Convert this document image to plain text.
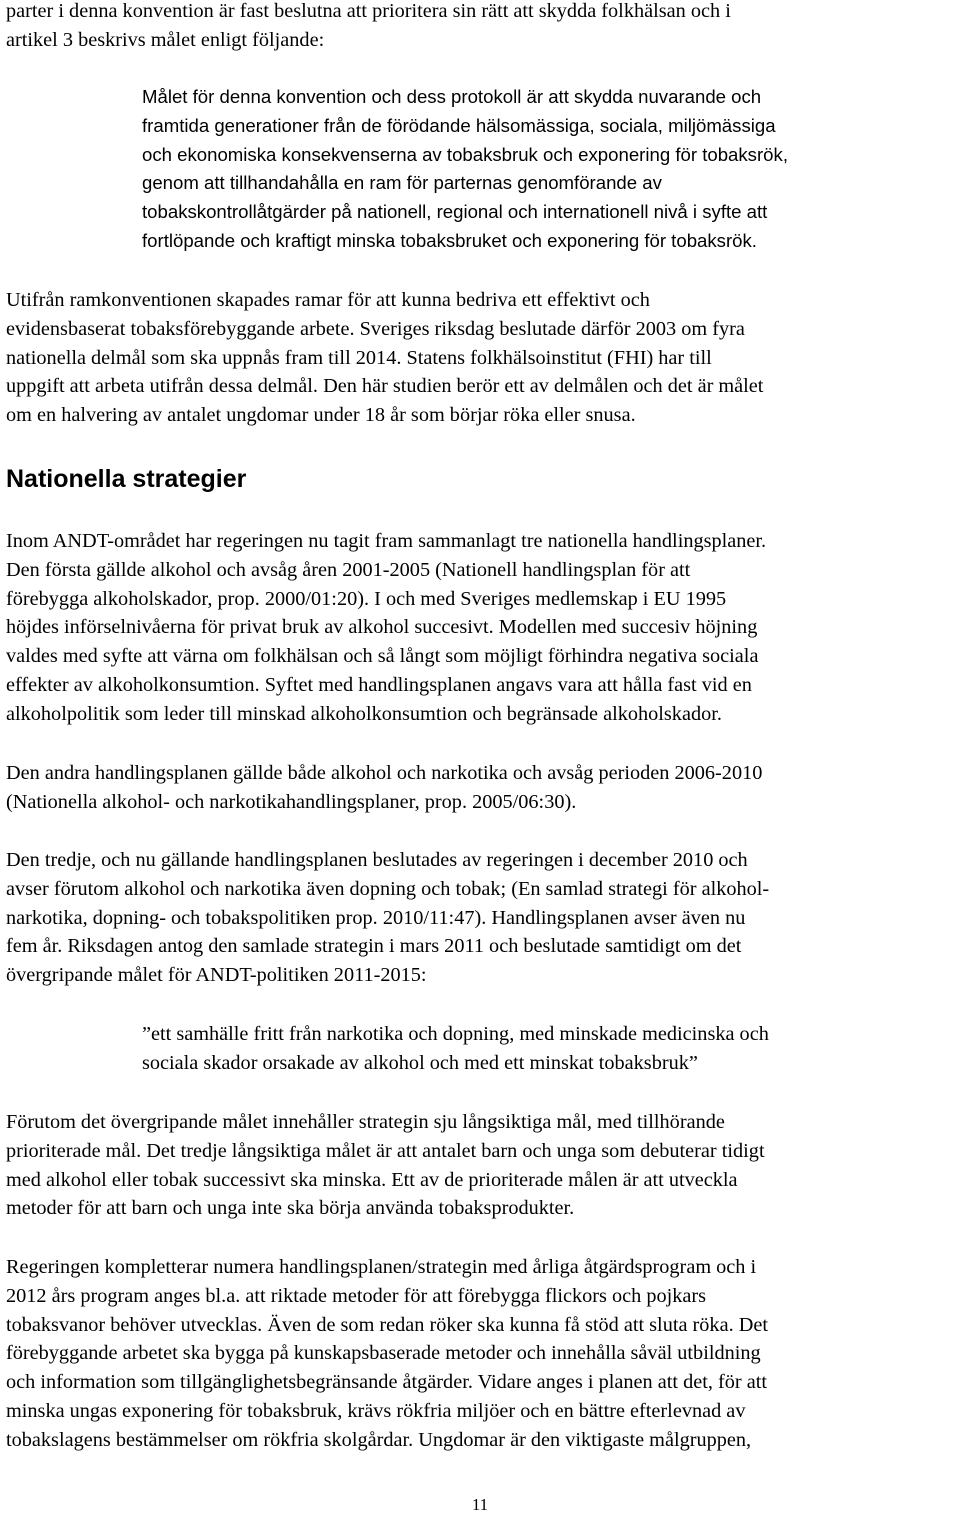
parter i denna konvention är fast beslutna att prioritera sin rätt att skydda folkhälsan och i
artikel 3 beskrivs målet enligt följande:
Målet för denna konvention och dess protokoll är att skydda nuvarande och
framtida generationer från de förödande hälsomässiga, sociala, miljömässiga
och ekonomiska konsekvenserna av tobaksbruk och exponering för tobaksrök,
genom att tillhandahålla en ram för parternas genomförande av
tobakskontrollåtgärder på nationell, regional och internationell nivå i syfte att
fortlöpande och kraftigt minska tobaksbruket och exponering för tobaksrök.
Utifrån ramkonventionen skapades ramar för att kunna bedriva ett effektivt och
evidensbaserat tobaksförebyggande arbete. Sveriges riksdag beslutade därför 2003 om fyra
nationella delmål som ska uppnås fram till 2014. Statens folkhälsoinstitut (FHI) har till
uppgift att arbeta utifrån dessa delmål. Den här studien berör ett av delmålen och det är målet
om en halvering av antalet ungdomar under 18 år som börjar röka eller snusa.
Nationella strategier
Inom ANDT-området har regeringen nu tagit fram sammanlagt tre nationella handlingsplaner.
Den första gällde alkohol och avsåg åren 2001-2005 (Nationell handlingsplan för att
förebygga alkoholskador, prop. 2000/01:20). I och med Sveriges medlemskap i EU 1995
höjdes införselnivåerna för privat bruk av alkohol succesivt. Modellen med succesiv höjning
valdes med syfte att värna om folkhälsan och så långt som möjligt förhindra negativa sociala
effekter av alkoholkonsumtion. Syftet med handlingsplanen angavs vara att hålla fast vid en
alkoholpolitik som leder till minskad alkoholkonsumtion och begränsade alkoholskador.
Den andra handlingsplanen gällde både alkohol och narkotika och avsåg perioden 2006-2010
(Nationella alkohol- och narkotikahandlingsplaner, prop. 2005/06:30).
Den tredje, och nu gällande handlingsplanen beslutades av regeringen i december 2010 och
avser förutom alkohol och narkotika även dopning och tobak; (En samlad strategi för alkohol-
narkotika, dopning- och tobakspolitiken prop. 2010/11:47). Handlingsplanen avser även nu
fem år. Riksdagen antog den samlade strategin i mars 2011 och beslutade samtidigt om det
övergripande målet för ANDT-politiken 2011-2015:
”ett samhälle fritt från narkotika och dopning, med minskade medicinska och
sociala skador orsakade av alkohol och med ett minskat tobaksbruk”
Förutom det övergripande målet innehåller strategin sju långsiktiga mål, med tillhörande
prioriterade mål. Det tredje långsiktiga målet är att antalet barn och unga som debuterar tidigt
med alkohol eller tobak successivt ska minska. Ett av de prioriterade målen är att utveckla
metoder för att barn och unga inte ska börja använda tobaksprodukter.
Regeringen kompletterar numera handlingsplanen/strategin med årliga åtgärdsprogram och i
2012 års program anges bl.a. att riktade metoder för att förebygga flickors och pojkars
tobaksvanor behöver utvecklas. Även de som redan röker ska kunna få stöd att sluta röka. Det
förebyggande arbetet ska bygga på kunskapsbaserade metoder och innehålla såväl utbildning
och information som tillgänglighetsbegränsande åtgärder. Vidare anges i planen att det, för att
minska ungas exponering för tobaksbruk, krävs rökfria miljöer och en bättre efterlevnad av
tobakslagens bestämmelser om rökfria skolgårdar. Ungdomar är den viktigaste målgruppen,
11
